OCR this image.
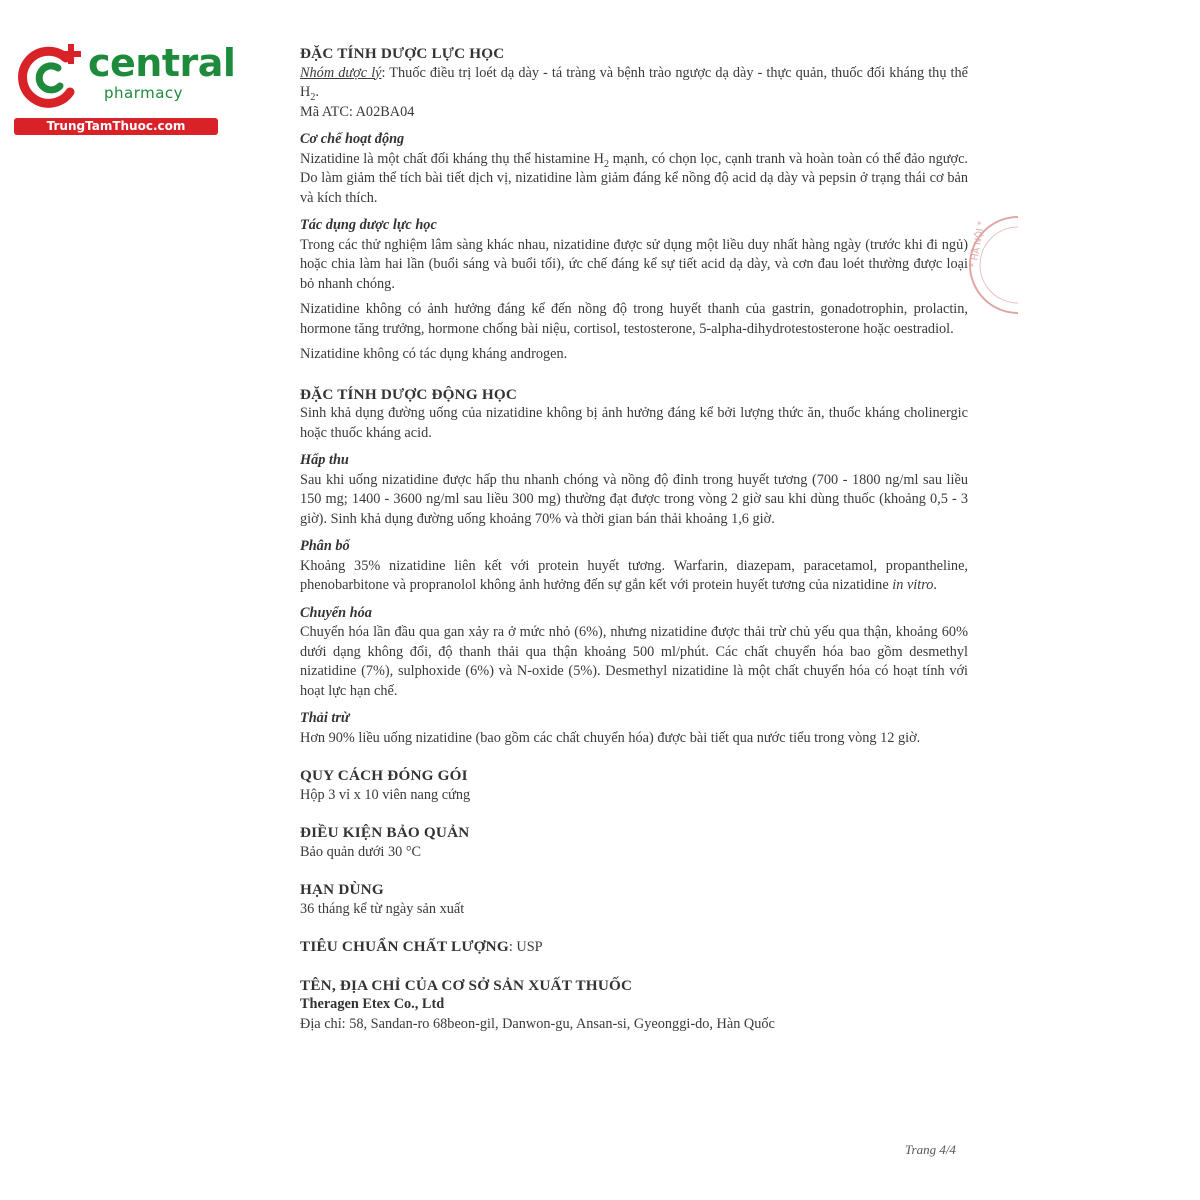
central
pharmacy
TrungTamThuoc.com
* HÀ NỘI *
ĐẶC TÍNH DƯỢC LỰC HỌC

Nhóm dược lý: Thuốc điều trị loét dạ dày - tá tràng và bệnh trào ngược dạ dày - thực quản, thuốc đối kháng thụ thể $H_2$.

Mã ATC: A02BA04

Cơ chế hoạt động

Nizatidine là một chất đối kháng thụ thể histamine $H_2$ mạnh, có chọn lọc, cạnh tranh và hoàn toàn có thể đảo ngược. Do làm giảm thể tích bài tiết dịch vị, nizatidine làm giảm đáng kể nồng độ acid dạ dày và pepsin ở trạng thái cơ bản và kích thích.

Tác dụng dược lực học

Trong các thử nghiệm lâm sàng khác nhau, nizatidine được sử dụng một liều duy nhất hàng ngày (trước khi đi ngủ) hoặc chia làm hai lần (buổi sáng và buổi tối), ức chế đáng kể sự tiết acid dạ dày, và cơn đau loét thường được loại bỏ nhanh chóng.

Nizatidine không có ảnh hưởng đáng kể đến nồng độ trong huyết thanh của gastrin, gonadotrophin, prolactin, hormone tăng trưởng, hormone chống bài niệu, cortisol, testosterone, 5-alpha-dihydrotestosterone hoặc oestradiol.

Nizatidine không có tác dụng kháng androgen.

ĐẶC TÍNH DƯỢC ĐỘNG HỌC

Sinh khả dụng đường uống của nizatidine không bị ảnh hưởng đáng kể bởi lượng thức ăn, thuốc kháng cholinergic hoặc thuốc kháng acid.

Hấp thu

Sau khi uống nizatidine được hấp thu nhanh chóng và nồng độ đỉnh trong huyết tương (700 - 1800 ng/ml sau liều 150 mg; 1400 - 3600 ng/ml sau liều 300 mg) thường đạt được trong vòng 2 giờ sau khi dùng thuốc (khoảng 0,5 - 3 giờ). Sinh khả dụng đường uống khoảng 70% và thời gian bán thải khoảng 1,6 giờ.

Phân bố

Khoảng 35% nizatidine liên kết với protein huyết tương. Warfarin, diazepam, paracetamol, propantheline, phenobarbitone và propranolol không ảnh hưởng đến sự gắn kết với protein huyết tương của nizatidine in vitro.

Chuyển hóa

Chuyển hóa lần đầu qua gan xảy ra ở mức nhỏ (6%), nhưng nizatidine được thải trừ chủ yếu qua thận, khoảng 60% dưới dạng không đổi, độ thanh thải qua thận khoảng 500 ml/phút. Các chất chuyển hóa bao gồm desmethyl nizatidine (7%), sulphoxide (6%) và N-oxide (5%). Desmethyl nizatidine là một chất chuyển hóa có hoạt tính với hoạt lực hạn chế.

Thải trừ

Hơn 90% liều uống nizatidine (bao gồm các chất chuyển hóa) được bài tiết qua nước tiểu trong vòng 12 giờ.

QUY CÁCH ĐÓNG GÓI

Hộp 3 vỉ x 10 viên nang cứng

ĐIỀU KIỆN BẢO QUẢN

Bảo quản dưới 30 °C

HẠN DÙNG

36 tháng kể từ ngày sản xuất

TIÊU CHUẨN CHẤT LƯỢNG: USP
TÊN, ĐỊA CHỈ CỦA CƠ SỞ SẢN XUẤT THUỐC

Theragen Etex Co., Ltd

Địa chỉ: 58, Sandan-ro 68beon-gil, Danwon-gu, Ansan-si, Gyeonggi-do, Hàn Quốc

Trang 4/4
